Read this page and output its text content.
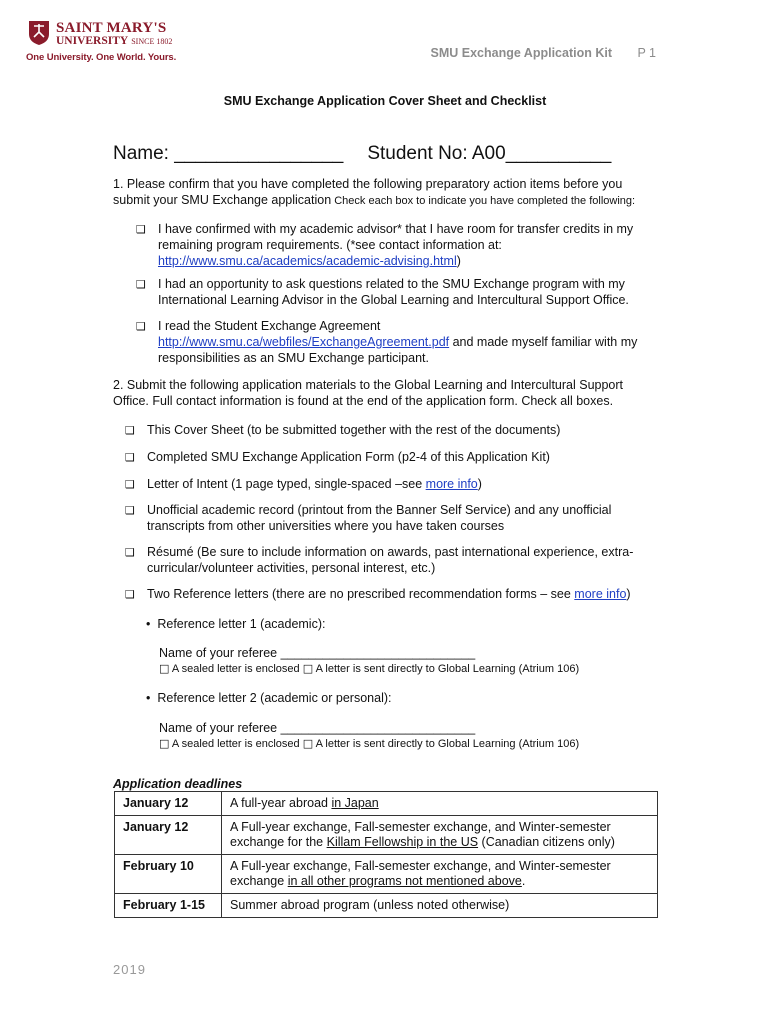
SAINT MARY'S
UNIVERSITY SINCE 1802
One University. One World. Yours.	SMU Exchange Application Kit P 1
SMU Exchange Application Cover Sheet and Checklist
Name: ________________ Student No: A00__________
1. Please confirm that you have completed the following preparatory action items before you
submit your SMU Exchange application Check each box to indicate you have completed the following:
❑ I have confirmed with my academic advisor* that I have room for transfer credits in my
remaining program requirements. (*see contact information at:
http://www.smu.ca/academics/academic-advising.html)
❑ I had an opportunity to ask questions related to the SMU Exchange program with my
International Learning Advisor in the Global Learning and Intercultural Support Office.
❑ I read the Student Exchange Agreement
http://www.smu.ca/webfiles/ExchangeAgreement.pdf and made myself familiar with my
responsibilities as an SMU Exchange participant.
2. Submit the following application materials to the Global Learning and Intercultural Support
Office. Full contact information is found at the end of the application form. Check all boxes.
❑ This Cover Sheet (to be submitted together with the rest of the documents)
❑ Completed SMU Exchange Application Form (p2-4 of this Application Kit)
❑ Letter of Intent (1 page typed, single-spaced –see more info)
❑ Unofficial academic record (printout from the Banner Self Service) and any unofficial
transcripts from other universities where you have taken courses
❑ Résumé (Be sure to include information on awards, past international experience, extra-
curricular/volunteer activities, personal interest, etc.)
❑ Two Reference letters (there are no prescribed recommendation forms – see more info)
• Reference letter 1 (academic):
Name of your referee ____________________________
□ A sealed letter is enclosed □ A letter is sent directly to Global Learning (Atrium 106)
• Reference letter 2 (academic or personal):
Name of your referee ____________________________
□ A sealed letter is enclosed □ A letter is sent directly to Global Learning (Atrium 106)
Application deadlines
January 12	A full-year abroad in Japan
January 12	A Full-year exchange, Fall-semester exchange, and Winter-semester exchange for the Killam Fellowship in the US (Canadian citizens only)
February 10	A Full-year exchange, Fall-semester exchange, and Winter-semester exchange in all other programs not mentioned above.
February 1-15	Summer abroad program (unless noted otherwise)
2019
